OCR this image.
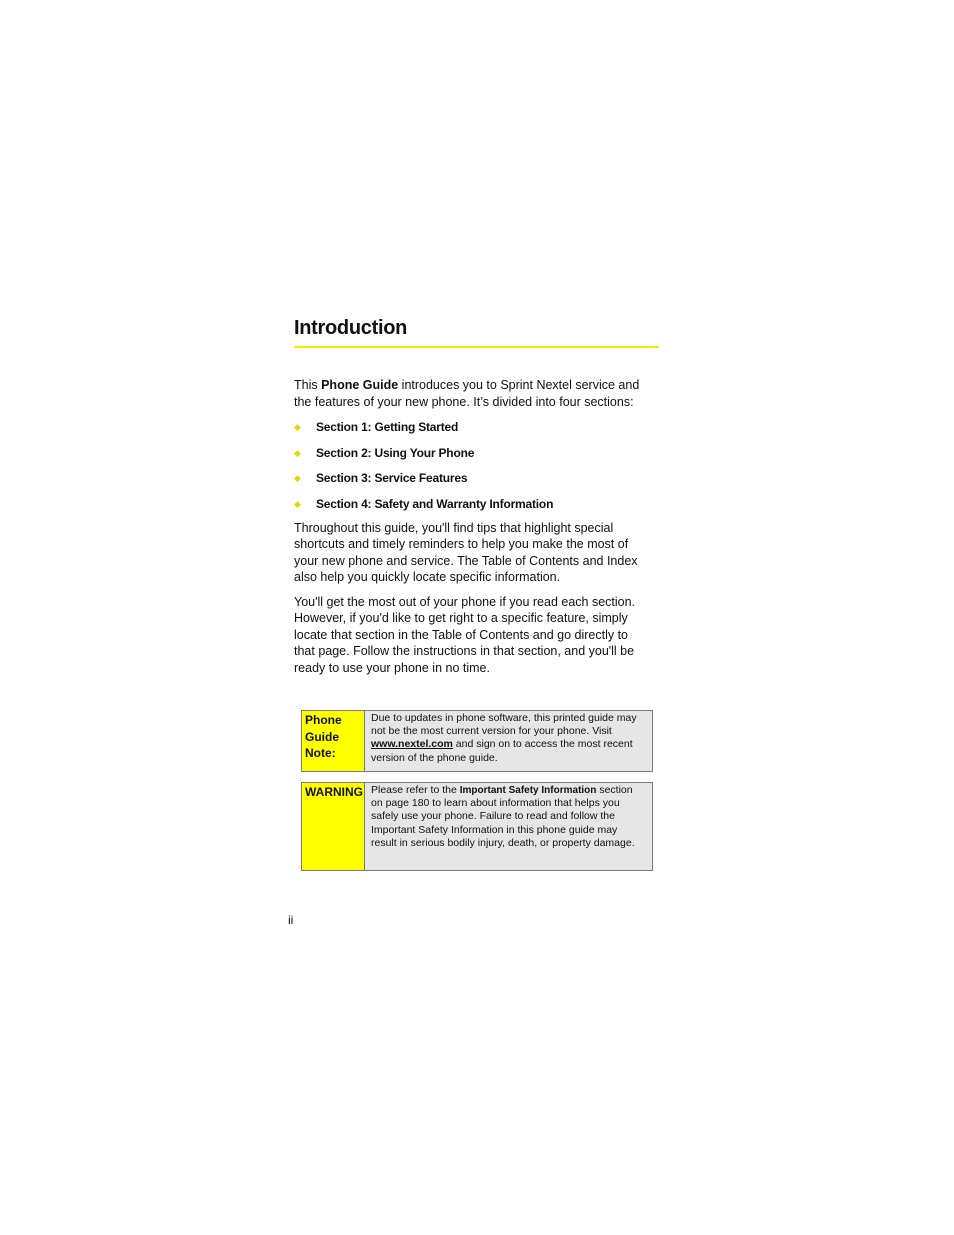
Introduction

This Phone Guide introduces you to Sprint Nextel service and the features of your new phone. It’s divided into four sections:

◆ Section 1: Getting Started
◆ Section 2: Using Your Phone
◆ Section 3: Service Features
◆ Section 4: Safety and Warranty Information

Throughout this guide, you'll find tips that highlight special shortcuts and timely reminders to help you make the most of your new phone and service. The Table of Contents and Index also help you quickly locate specific information.

You'll get the most out of your phone if you read each section. However, if you'd like to get right to a specific feature, simply locate that section in the Table of Contents and go directly to that page. Follow the instructions in that section, and you'll be ready to use your phone in no time.

Phone
Guide
Note:
Due to updates in phone software, this printed guide may not be the most current version for your phone. Visit www.nextel.com and sign on to access the most recent version of the phone guide.
WARNING Please refer to the Important Safety Information section on page 180 to learn about information that helps you safely use your phone. Failure to read and follow the Important Safety Information in this phone guide may result in serious bodily injury, death, or property damage.
ii
